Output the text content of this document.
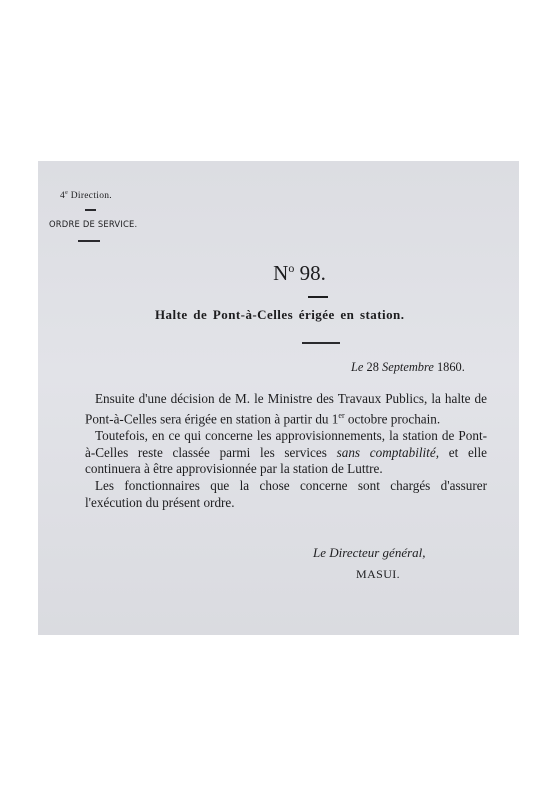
4e Direction.
ORDRE DE SERVICE.
$N^o$ 98.
Halte de Pont-à-Celles érigée en station.
Le 28 Septembre 1860.

Ensuite d'une décision de M. le Ministre des Travaux Publics, la halte de Pont-à-Celles sera érigée en station à partir du 1er octobre prochain.

Toutefois, en ce qui concerne les approvisionnements, la station de Pont-à-Celles reste classée parmi les services sans comptabilité, et elle continuera à être approvisionnée par la station de Luttre.

Les fonctionnaires que la chose concerne sont chargés d'assurer l'exécution du présent ordre.

Le Directeur général,
MASUI.
